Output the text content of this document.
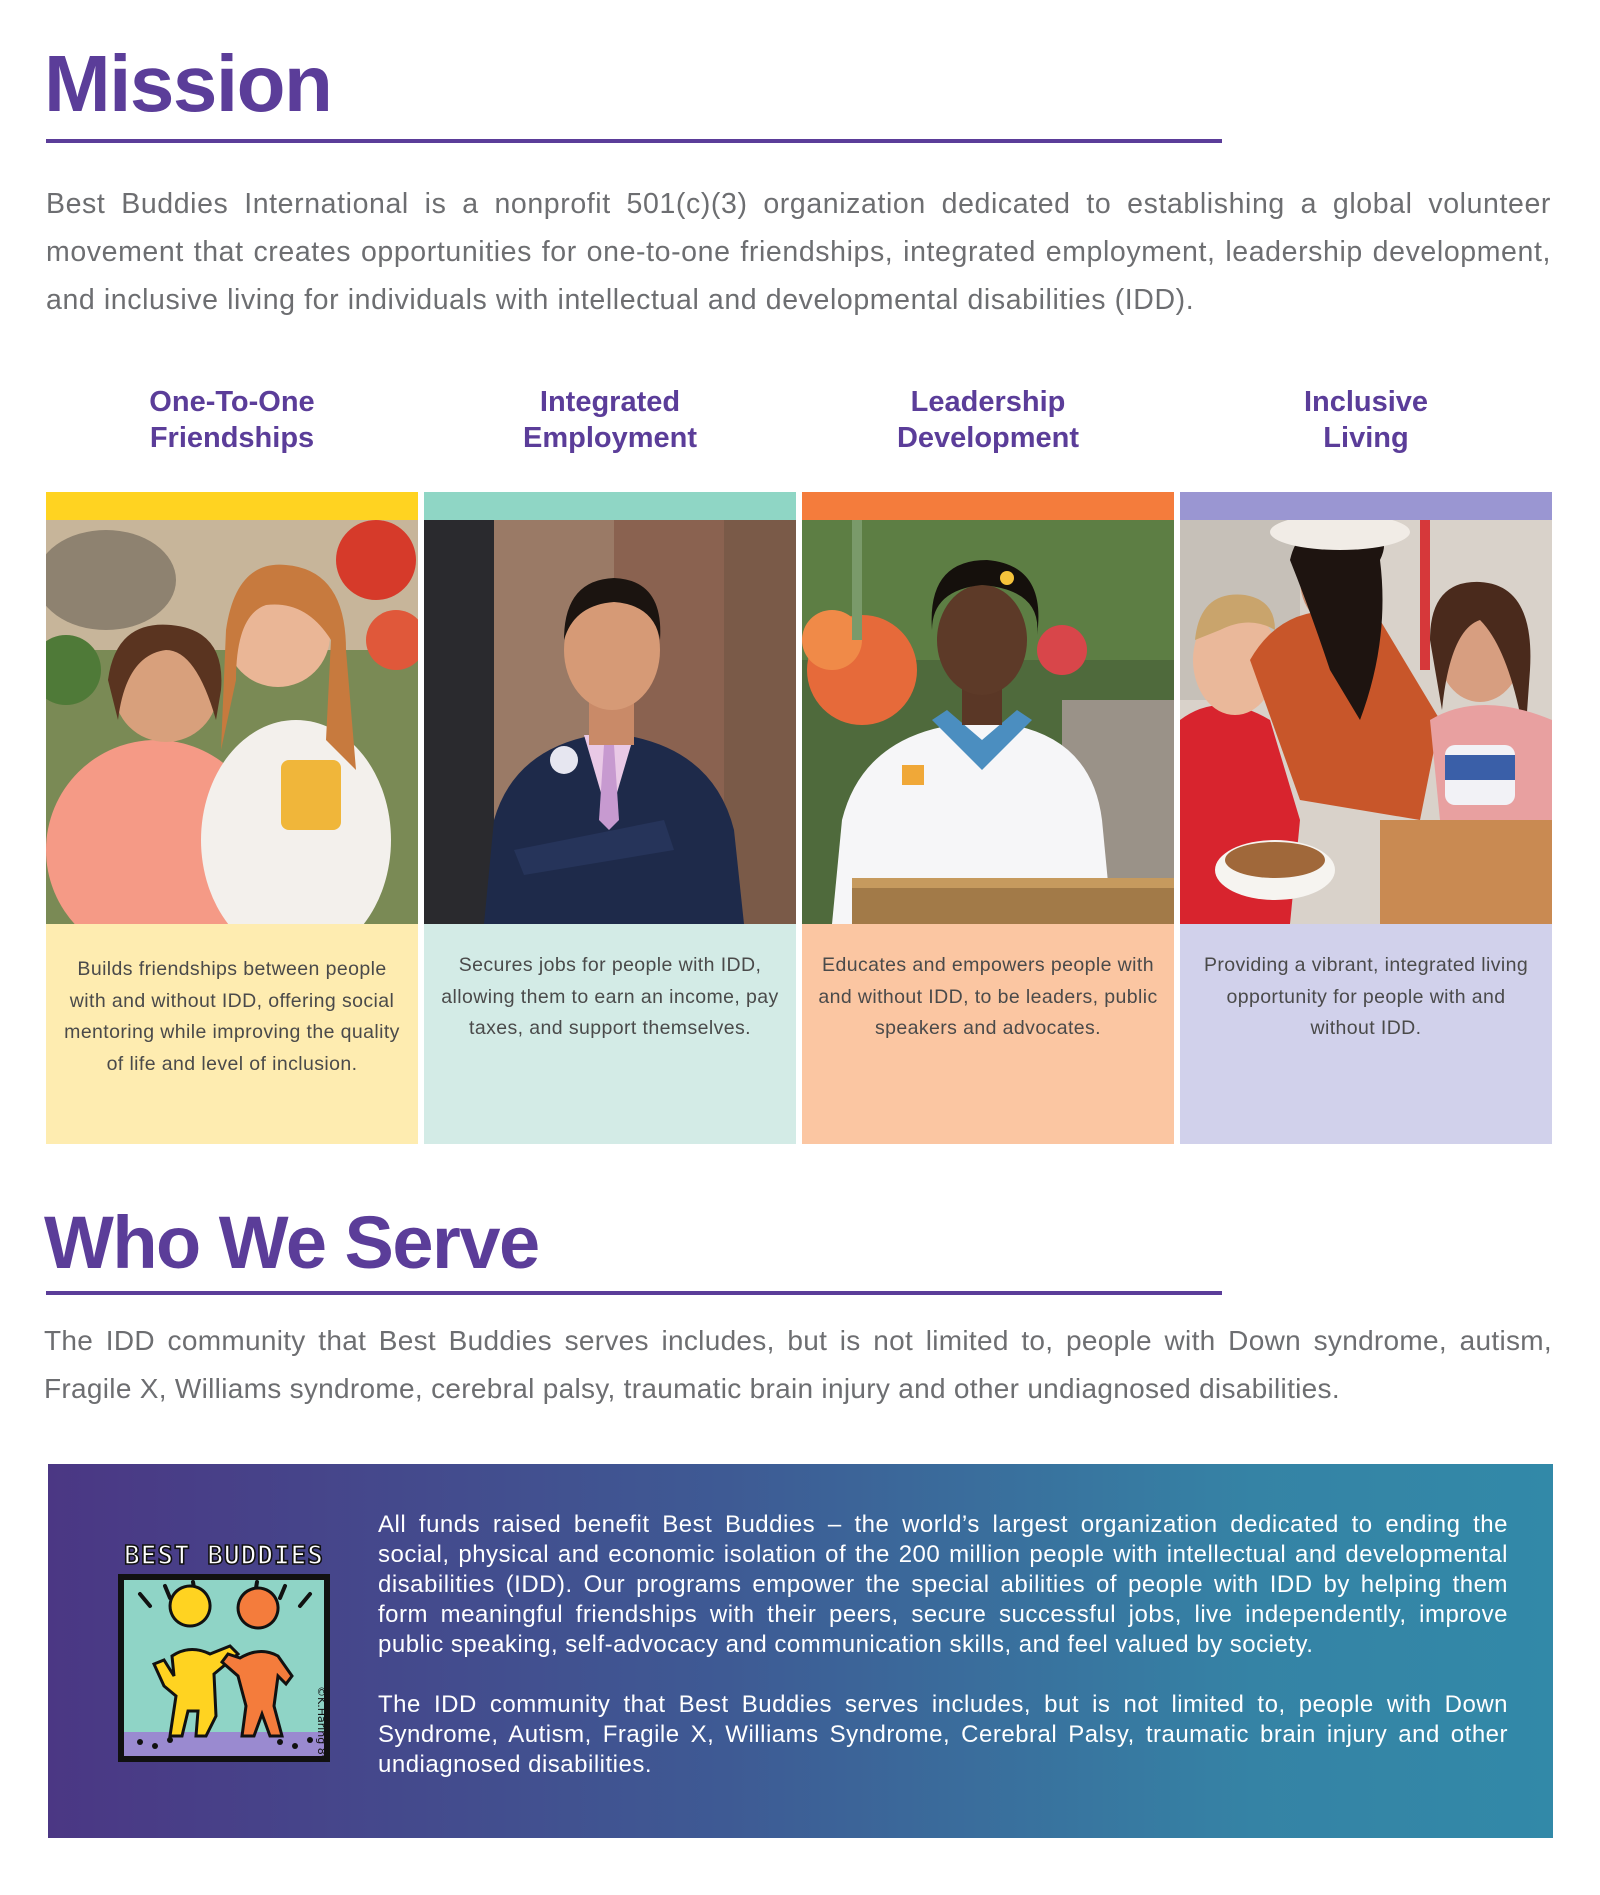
Mission

Best Buddies International is a nonprofit 501(c)(3) organization dedicated to establishing a global volunteer movement that creates opportunities for one-to-one friendships, integrated employment, leadership development, and inclusive living for individuals with intellectual and developmental disabilities (IDD).

One-To-One
Friendships
Integrated
Employment
Leadership
Development
Inclusive
Living

Builds friendships between people with and without IDD, offering social mentoring while improving the quality of life and level of inclusion.

Secures jobs for people with IDD, allowing them to earn an income, pay taxes, and support themselves.

Educates and empowers people with and without IDD, to be leaders, public speakers and advocates.

Providing a vibrant, integrated living opportunity for people with and without IDD.

Who We Serve

The IDD community that Best Buddies serves includes, but is not limited to, people with Down syndrome, autism, Fragile X, Williams syndrome, cerebral palsy, traumatic brain injury and other undiagnosed disabilities.

BEST BUDDIES
©K.Haring 89

All funds raised benefit Best Buddies – the world’s largest organization dedicated to ending the social, physical and economic isolation of the 200 million people with intellectual and developmental disabilities (IDD). Our programs empower the special abilities of people with IDD by helping them form meaningful friendships with their peers, secure successful jobs, live independently, improve public speaking, self-advocacy and communication skills, and feel valued by society.

The IDD community that Best Buddies serves includes, but is not limited to, people with Down Syndrome, Autism, Fragile X, Williams Syndrome, Cerebral Palsy, traumatic brain injury and other undiagnosed disabilities.
